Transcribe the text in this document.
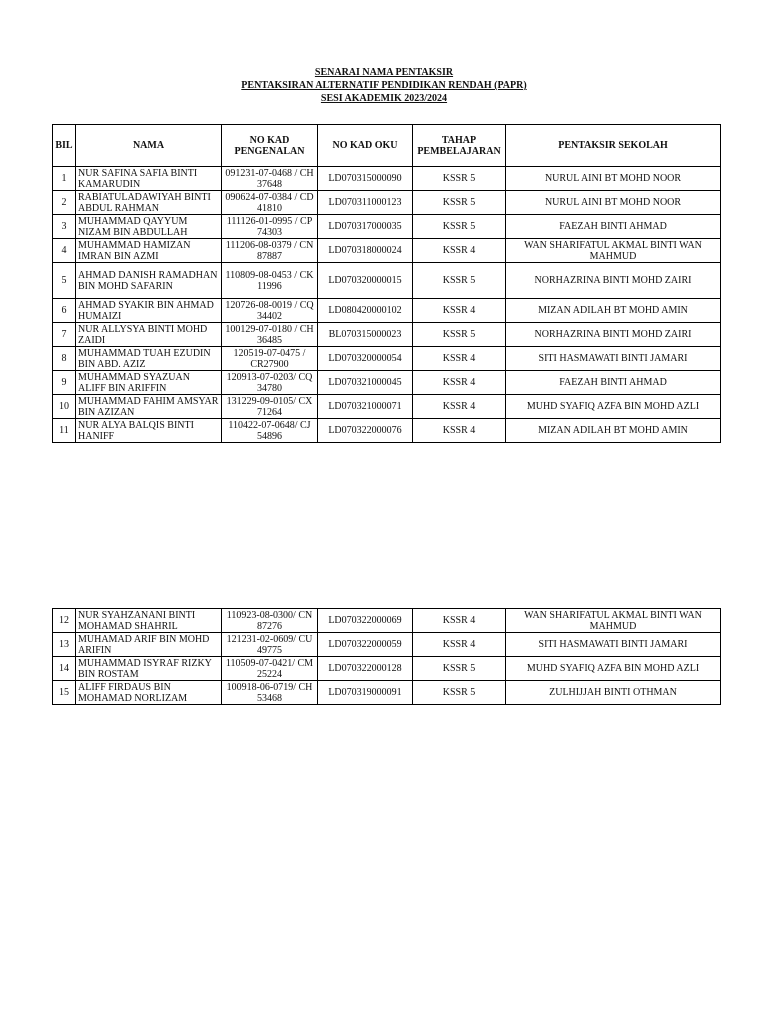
SENARAI NAMA PENTAKSIR
PENTAKSIRAN ALTERNATIF PENDIDIKAN RENDAH (PAPR)
SESI AKADEMIK 2023/2024
BIL	NAMA	NO KAD PENGENALAN	NO KAD OKU	TAHAP PEMBELAJARAN	PENTAKSIR SEKOLAH
1	NUR SAFINA SAFIA BINTI KAMARUDIN	091231-07-0468 / CH 37648	LD070315000090	KSSR 5	NURUL AINI BT MOHD NOOR
2	RABIATULADAWIYAH BINTI ABDUL RAHMAN	090624-07-0384 / CD 41810	LD070311000123	KSSR 5	NURUL AINI BT MOHD NOOR
3	MUHAMMAD QAYYUM NIZAM BIN ABDULLAH	111126-01-0995 / CP 74303	LD070317000035	KSSR 5	FAEZAH BINTI AHMAD
4	MUHAMMAD HAMIZAN IMRAN BIN AZMI	111206-08-0379 / CN 87887	LD070318000024	KSSR 4	WAN SHARIFATUL AKMAL BINTI WAN MAHMUD
5	AHMAD DANISH RAMADHAN BIN MOHD SAFARIN	110809-08-0453 / CK 11996	LD070320000015	KSSR 5	NORHAZRINA BINTI MOHD ZAIRI
6	AHMAD SYAKIR BIN AHMAD HUMAIZI	120726-08-0019 / CQ 34402	LD080420000102	KSSR 4	MIZAN ADILAH BT MOHD AMIN
7	NUR ALLYSYA BINTI MOHD ZAIDI	100129-07-0180 / CH 36485	BL070315000023	KSSR 5	NORHAZRINA BINTI MOHD ZAIRI
8	MUHAMMAD TUAH EZUDIN BIN ABD. AZIZ	120519-07-0475 / CR27900	LD070320000054	KSSR 4	SITI HASMAWATI BINTI JAMARI
9	MUHAMMAD SYAZUAN ALIFF BIN ARIFFIN	120913-07-0203/ CQ 34780	LD070321000045	KSSR 4	FAEZAH BINTI AHMAD
10	MUHAMMAD FAHIM AMSYAR BIN AZIZAN	131229-09-0105/ CX 71264	LD070321000071	KSSR 4	MUHD SYAFIQ AZFA BIN MOHD AZLI
11	NUR ALYA BALQIS BINTI HANIFF	110422-07-0648/ CJ 54896	LD070322000076	KSSR 4	MIZAN ADILAH BT MOHD AMIN
12	NUR SYAHZANANI BINTI MOHAMAD SHAHRIL	110923-08-0300/ CN 87276	LD070322000069	KSSR 4	WAN SHARIFATUL AKMAL BINTI WAN MAHMUD
13	MUHAMAD ARIF BIN MOHD ARIFIN	121231-02-0609/ CU 49775	LD070322000059	KSSR 4	SITI HASMAWATI BINTI JAMARI
14	MUHAMMAD ISYRAF RIZKY BIN ROSTAM	110509-07-0421/ CM 25224	LD070322000128	KSSR 5	MUHD SYAFIQ AZFA BIN MOHD AZLI
15	ALIFF FIRDAUS BIN MOHAMAD NORLIZAM	100918-06-0719/ CH 53468	LD070319000091	KSSR 5	ZULHIJJAH BINTI OTHMAN
